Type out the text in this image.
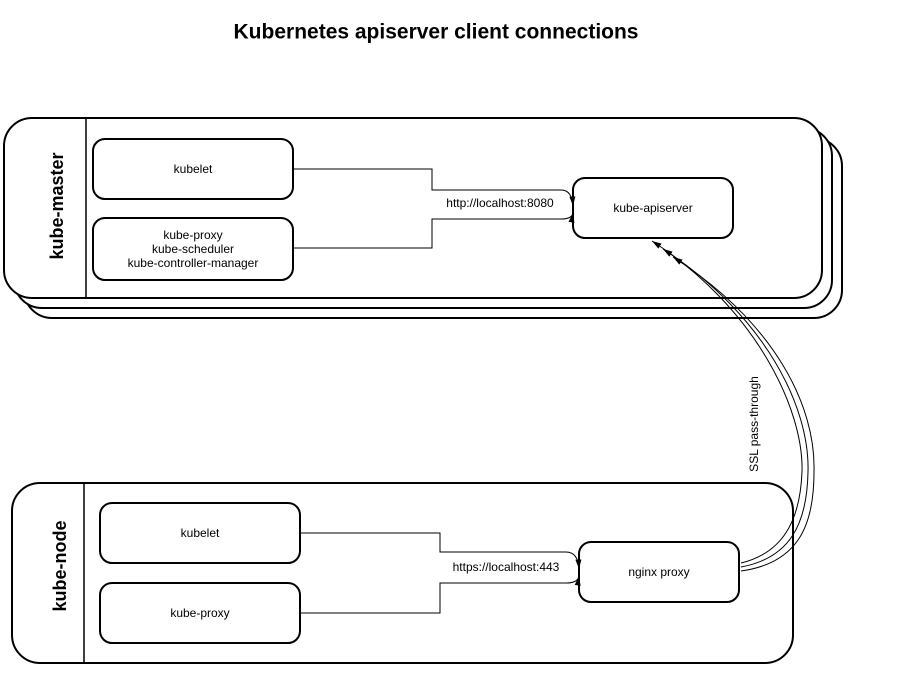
Kubernetes apiserver client connections
kube-master	kubelet
kube-proxy
kube-scheduler
kube-controller-manager
kube-apiserver
http://localhost:8080
kube-node	kubelet
kube-proxy
nginx proxy
https://localhost:443
SSL pass-through
